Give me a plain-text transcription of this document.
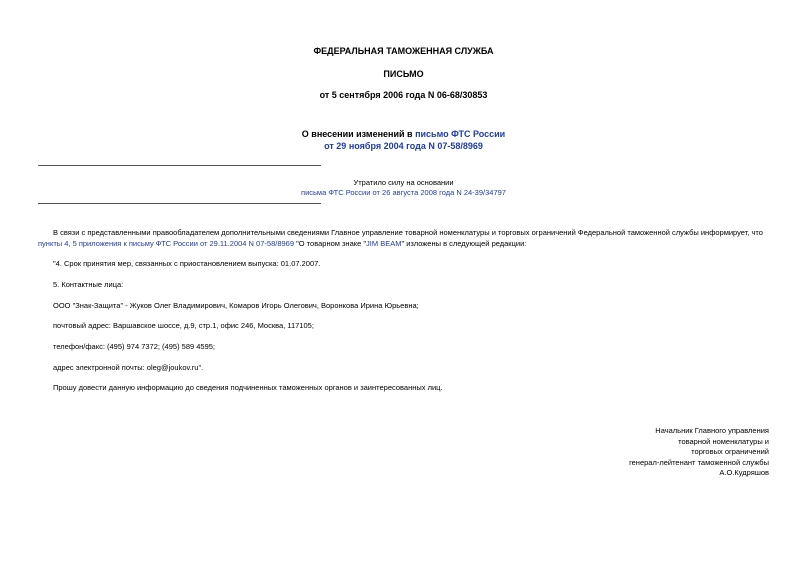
ФЕДЕРАЛЬНАЯ ТАМОЖЕННАЯ СЛУЖБА
ПИСЬМО
от 5 сентября 2006 года N 06-68/30853
О внесении изменений в письмо ФТС России
от 29 ноября 2004 года N 07-58/8969
Утратило силу на основании
письма ФТС России от 26 августа 2008 года N 24-39/34797
В связи с представленными правообладателем дополнительными сведениями Главное управление товарной номенклатуры и торговых ограничений Федеральной таможенной службы информирует, что пункты 4, 5 приложения к письму ФТС России от 29.11.2004 N 07-58/8969 "О товарном знаке "JIM BEAM" изложены в следующей редакции:
"4. Срок принятия мер, связанных с приостановлением выпуска: 01.07.2007.
5. Контактные лица:
ООО "Знак-Защита" - Жуков Олег Владимирович, Комаров Игорь Олегович, Воронкова Ирина Юрьевна;
почтовый адрес: Варшавское шоссе, д.9, стр.1, офис 246, Москва, 117105;
телефон/факс: (495) 974 7372; (495) 589 4595;
адрес электронной почты: oleg@joukov.ru".
Прошу довести данную информацию до сведения подчиненных таможенных органов и заинтересованных лиц.
Начальник Главного управления
товарной номенклатуры и
торговых ограничений
генерал-лейтенант таможенной службы
А.О.Кудряшов
